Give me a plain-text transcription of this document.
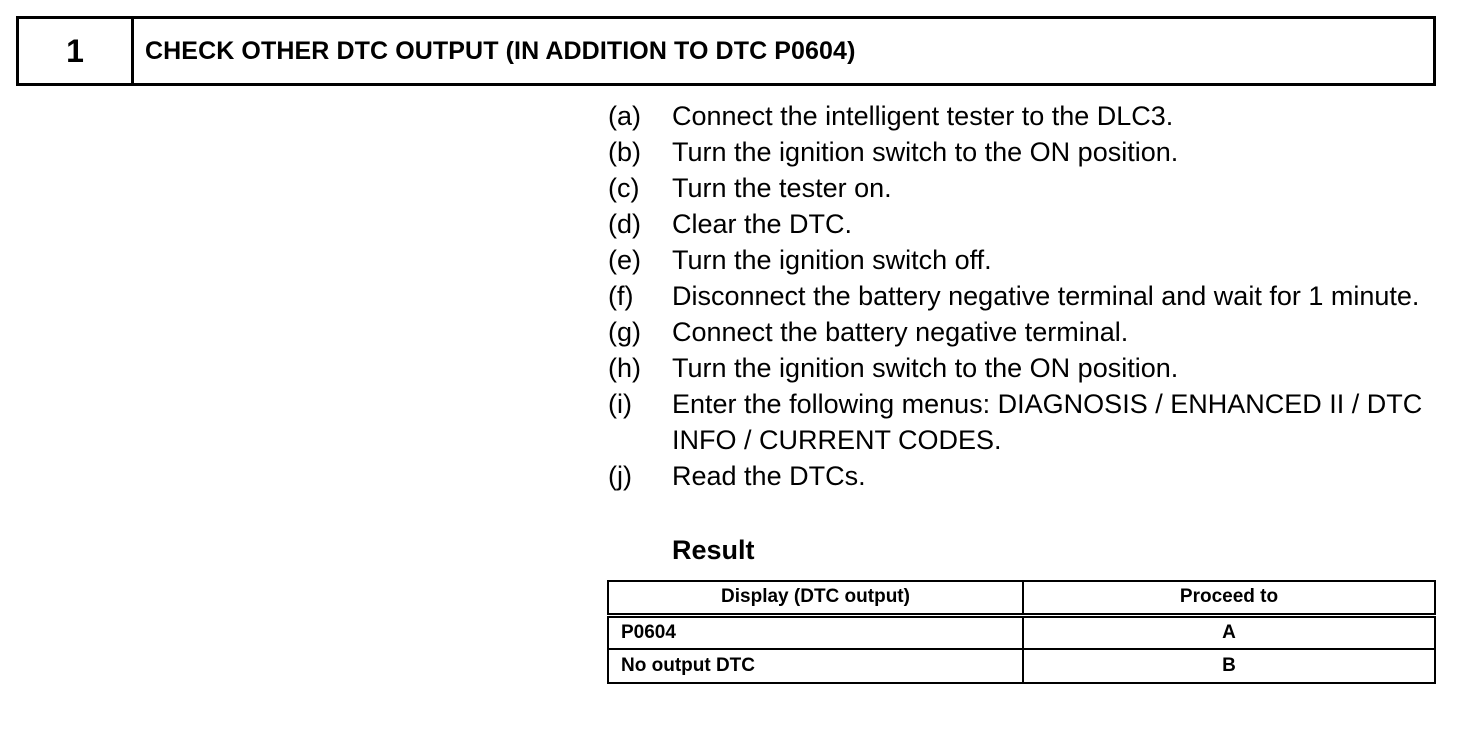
1	CHECK OTHER DTC OUTPUT (IN ADDITION TO DTC P0604)
(a)	Connect the intelligent tester to the DLC3.
(b)	Turn the ignition switch to the ON position.
(c)	Turn the tester on.
(d)	Clear the DTC.
(e)	Turn the ignition switch off.
(f)	Disconnect the battery negative terminal and wait for 1 minute.
(g)	Connect the battery negative terminal.
(h)	Turn the ignition switch to the ON position.
(i)	Enter the following menus: DIAGNOSIS / ENHANCED II / DTC INFO / CURRENT CODES.
(j)	Read the DTCs.
Result
Display (DTC output)	Proceed to
P0604	A
No output DTC	B
